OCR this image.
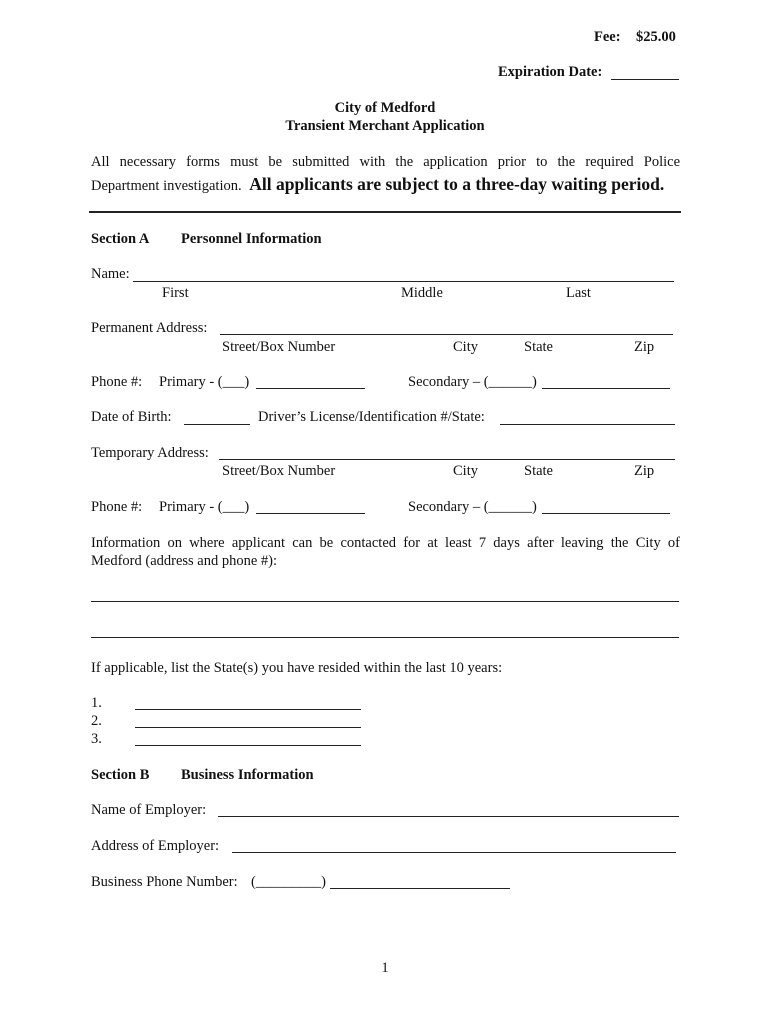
Fee: $25.00
Expiration Date:
City of Medford
Transient Merchant Application
All necessary forms must be submitted with the application prior to the required Police
Department investigation. All applicants are subject to a three-day waiting period.
Section A Personnel Information
Name:
First	Middle	Last
Permanent Address:
Street/Box Number	City	State	Zip
Phone #: Primary - (___)	Secondary – (______)
Date of Birth:	Driver’s License/Identification #/State:
Temporary Address:
Street/Box Number	City	State	Zip
Phone #: Primary - (___)	Secondary – (______)
Information on where applicant can be contacted for at least 7 days after leaving the City of
Medford (address and phone #):
If applicable, list the State(s) you have resided within the last 10 years:
1.
2.
3.
Section B Business Information
Name of Employer:
Address of Employer:
Business Phone Number: (_________)
1
